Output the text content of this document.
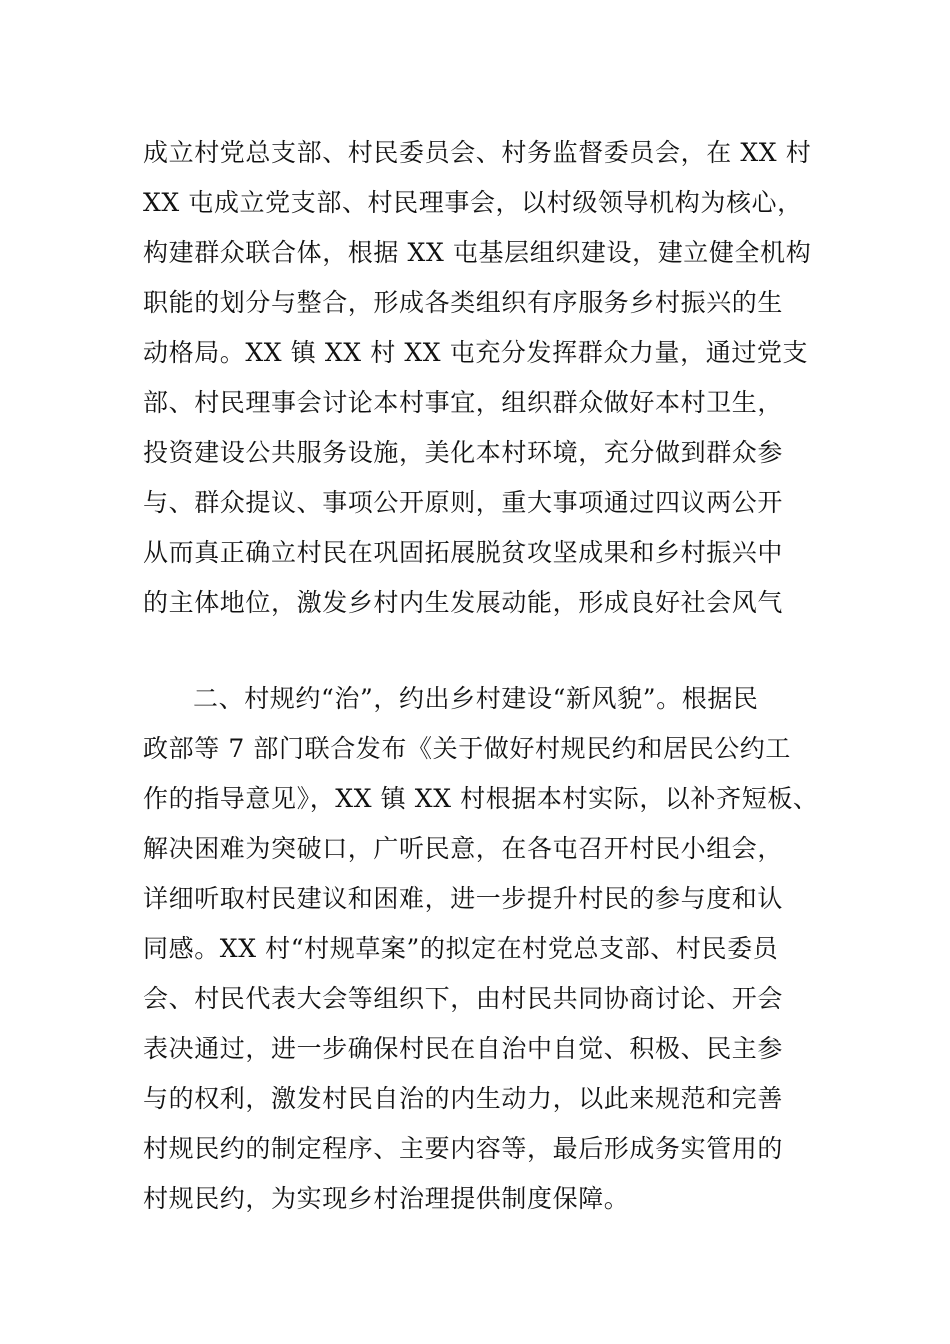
成立村党总支部、村民委员会、村务监督委员会，在 XX 村
XX 屯成立党支部、村民理事会，以村级领导机构为核心，
构建群众联合体，根据 XX 屯基层组织建设，建立健全机构
职能的划分与整合，形成各类组织有序服务乡村振兴的生
动格局。XX 镇 XX 村 XX 屯充分发挥群众力量，通过党支
部、村民理事会讨论本村事宜，组织群众做好本村卫生，
投资建设公共服务设施，美化本村环境，充分做到群众参
与、群众提议、事项公开原则，重大事项通过四议两公开
从而真正确立村民在巩固拓展脱贫攻坚成果和乡村振兴中
的主体地位，激发乡村内生发展动能，形成良好社会风气
二、村规约“治”，约出乡村建设“新风貌”。根据民
政部等 7 部门联合发布《关于做好村规民约和居民公约工
作的指导意见》，XX 镇 XX 村根据本村实际，以补齐短板、
解决困难为突破口，广听民意，在各屯召开村民小组会，
详细听取村民建议和困难，进一步提升村民的参与度和认
同感。XX 村“村规草案”的拟定在村党总支部、村民委员
会、村民代表大会等组织下，由村民共同协商讨论、开会
表决通过，进一步确保村民在自治中自觉、积极、民主参
与的权利，激发村民自治的内生动力，以此来规范和完善
村规民约的制定程序、主要内容等，最后形成务实管用的
村规民约，为实现乡村治理提供制度保障。
